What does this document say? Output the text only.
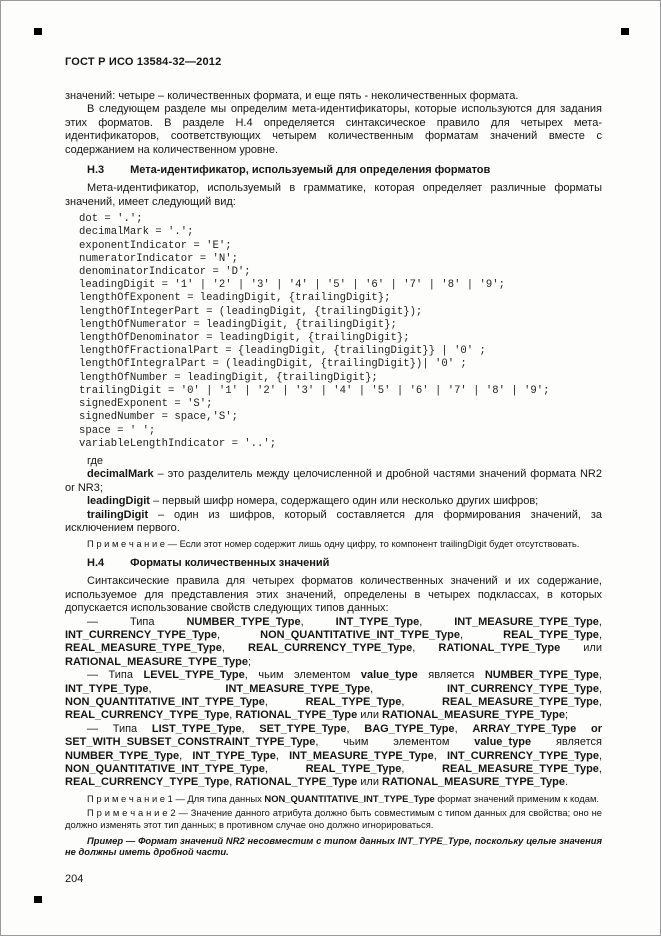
ГОСТ Р ИСО 13584-32—2012
значений: четыре – количественных формата, и еще пять - неколичественных формата.
В следующем разделе мы определим мета-идентификаторы, которые используются для задания этих форматов. В разделе Н.4 определяется синтаксическое правило для четырех мета-идентификаторов, соответствующих четырем количественным форматам значений вместе с содержанием на количественном уровне.
Н.3 Мета-идентификатор, используемый для определения форматов
Мета-идентификатор, используемый в грамматике, которая определяет различные форматы значений, имеет следующий вид:
dot = '.';
decimalMark = '.';
exponentIndicator = 'E';
numeratorIndicator = 'N';
denominatorIndicator = 'D';
leadingDigit = '1' | '2' | '3' | '4' | '5' | '6' | '7' | '8' | '9';
lengthOfExponent = leadingDigit, {trailingDigit};
lengthOfIntegerPart = (leadingDigit, {trailingDigit});
lengthOfNumerator = leadingDigit, {trailingDigit};
lengthOfDenominator = leadingDigit, {trailingDigit};
lengthOfFractionalPart = {leadingDigit, {trailingDigit}} | '0' ;
lengthOfIntegralPart = (leadingDigit, {trailingDigit})| '0' ;
lengthOfNumber = leadingDigit, {trailingDigit};
trailingDigit = '0' | '1' | '2' | '3' | '4' | '5' | '6' | '7' | '8' | '9';
signedExponent = 'S';
signedNumber = space,'S';
space = ' ';
variableLengthIndicator = '..';
где
decimalMark – это разделитель между целочисленной и дробной частями значений формата NR2 or NR3;
leadingDigit – первый шифр номера, содержащего один или несколько других шифров;
trailingDigit – один из шифров, который составляется для формирования значений, за исключением первого.
П р и м е ч а н и е — Если этот номер содержит лишь одну цифру, то компонент trailingDigit будет отсутствовать.
Н.4 Форматы количественных значений
Синтаксические правила для четырех форматов количественных значений и их содержание, используемое для представления этих значений, определены в четырех подклассах, в которых допускается использование свойств следующих типов данных:
— Типа NUMBER_TYPE_Type, INT_TYPE_Type, INT_MEASURE_TYPE_Type, INT_CURRENCY_TYPE_Type, NON_QUANTITATIVE_INT_TYPE_Type, REAL_TYPE_Type, REAL_MEASURE_TYPE_Type, REAL_CURRENCY_TYPE_Type, RATIONAL_TYPE_Type или RATIONAL_MEASURE_TYPE_Type;
— Типа LEVEL_TYPE_Type, чьим элементом value_type является NUMBER_TYPE_Type, INT_TYPE_Type, INT_MEASURE_TYPE_Type, INT_CURRENCY_TYPE_Type, NON_QUANTITATIVE_INT_TYPE_Type, REAL_TYPE_Type, REAL_MEASURE_TYPE_Type, REAL_CURRENCY_TYPE_Type, RATIONAL_TYPE_Type или RATIONAL_MEASURE_TYPE_Type;
— Типа LIST_TYPE_Type, SET_TYPE_Type, BAG_TYPE_Type, ARRAY_TYPE_Type or SET_WITH_SUBSET_CONSTRAINT_TYPE_Type, чьим элементом value_type является NUMBER_TYPE_Type, INT_TYPE_Type, INT_MEASURE_TYPE_Type, INT_CURRENCY_TYPE_Type, NON_QUANTITATIVE_INT_TYPE_Type, REAL_TYPE_Type, REAL_MEASURE_TYPE_Type, REAL_CURRENCY_TYPE_Type, RATIONAL_TYPE_Type или RATIONAL_MEASURE_TYPE_Type.
П р и м е ч а н и е 1 — Для типа данных NON_QUANTITATIVE_INT_TYPE_Type формат значений применим к кодам.
П р и м е ч а н и е 2 — Значение данного атрибута должно быть совместимым с типом данных для свойства; оно не должно изменять этот тип данных; в противном случае оно должно игнорироваться.
Пример — Формат значений NR2 несовместим с типом данных INT_TYPE_Type, поскольку целые значения не должны иметь дробной части.
204
